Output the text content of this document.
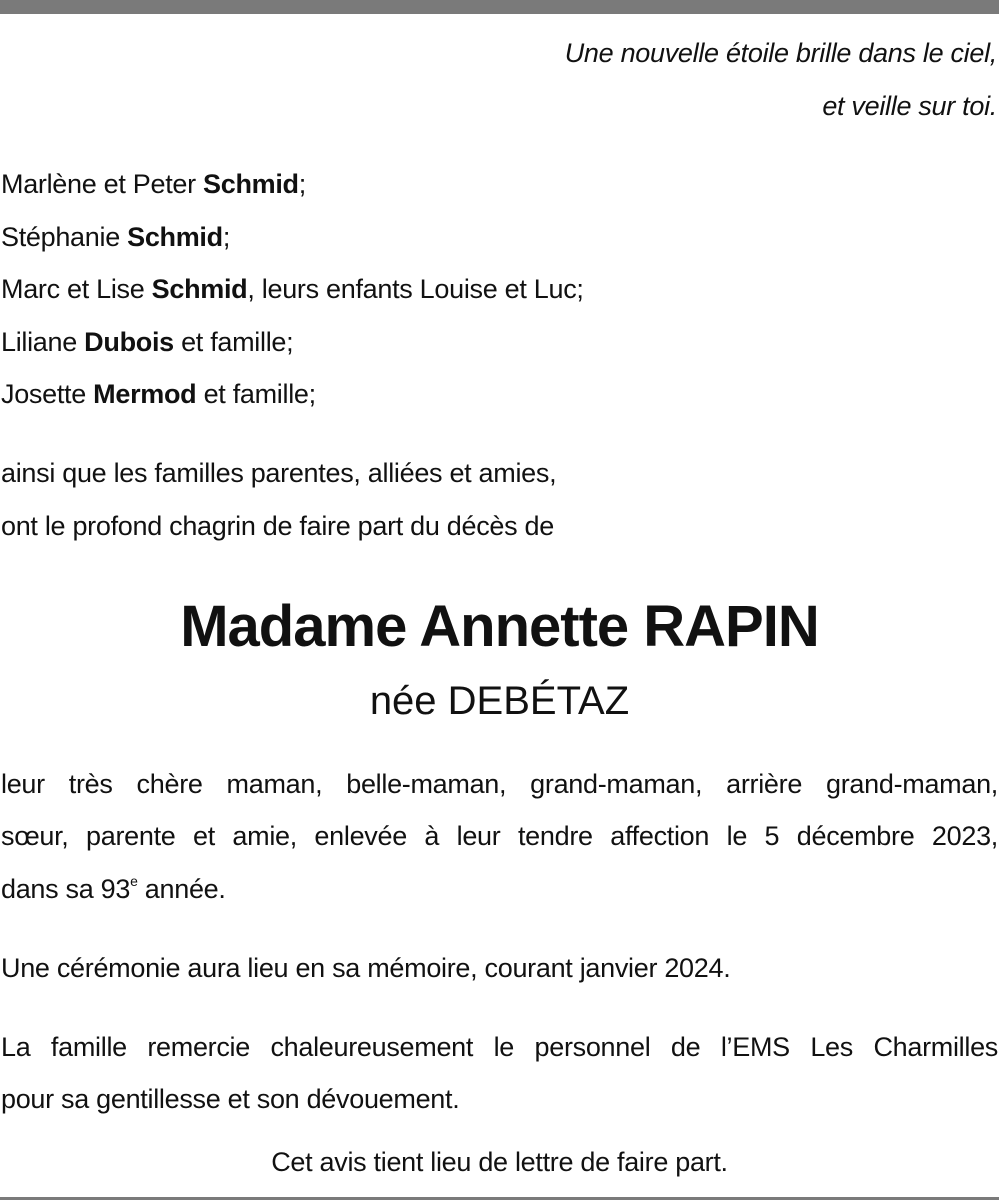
Une nouvelle étoile brille dans le ciel,
et veille sur toi.
Marlène et Peter Schmid;
Stéphanie Schmid;
Marc et Lise Schmid, leurs enfants Louise et Luc;
Liliane Dubois et famille;
Josette Mermod et famille;
ainsi que les familles parentes, alliées et amies,
ont le profond chagrin de faire part du décès de
Madame Annette RAPIN
née DEBÉTAZ
leur très chère maman, belle-maman, grand-maman, arrière grand-maman,
sœur, parente et amie, enlevée à leur tendre affection le 5 décembre 2023,
dans sa 93e année.
Une cérémonie aura lieu en sa mémoire, courant janvier 2024.
La famille remercie chaleureusement le personnel de l’EMS Les Charmilles
pour sa gentillesse et son dévouement.
Cet avis tient lieu de lettre de faire part.
